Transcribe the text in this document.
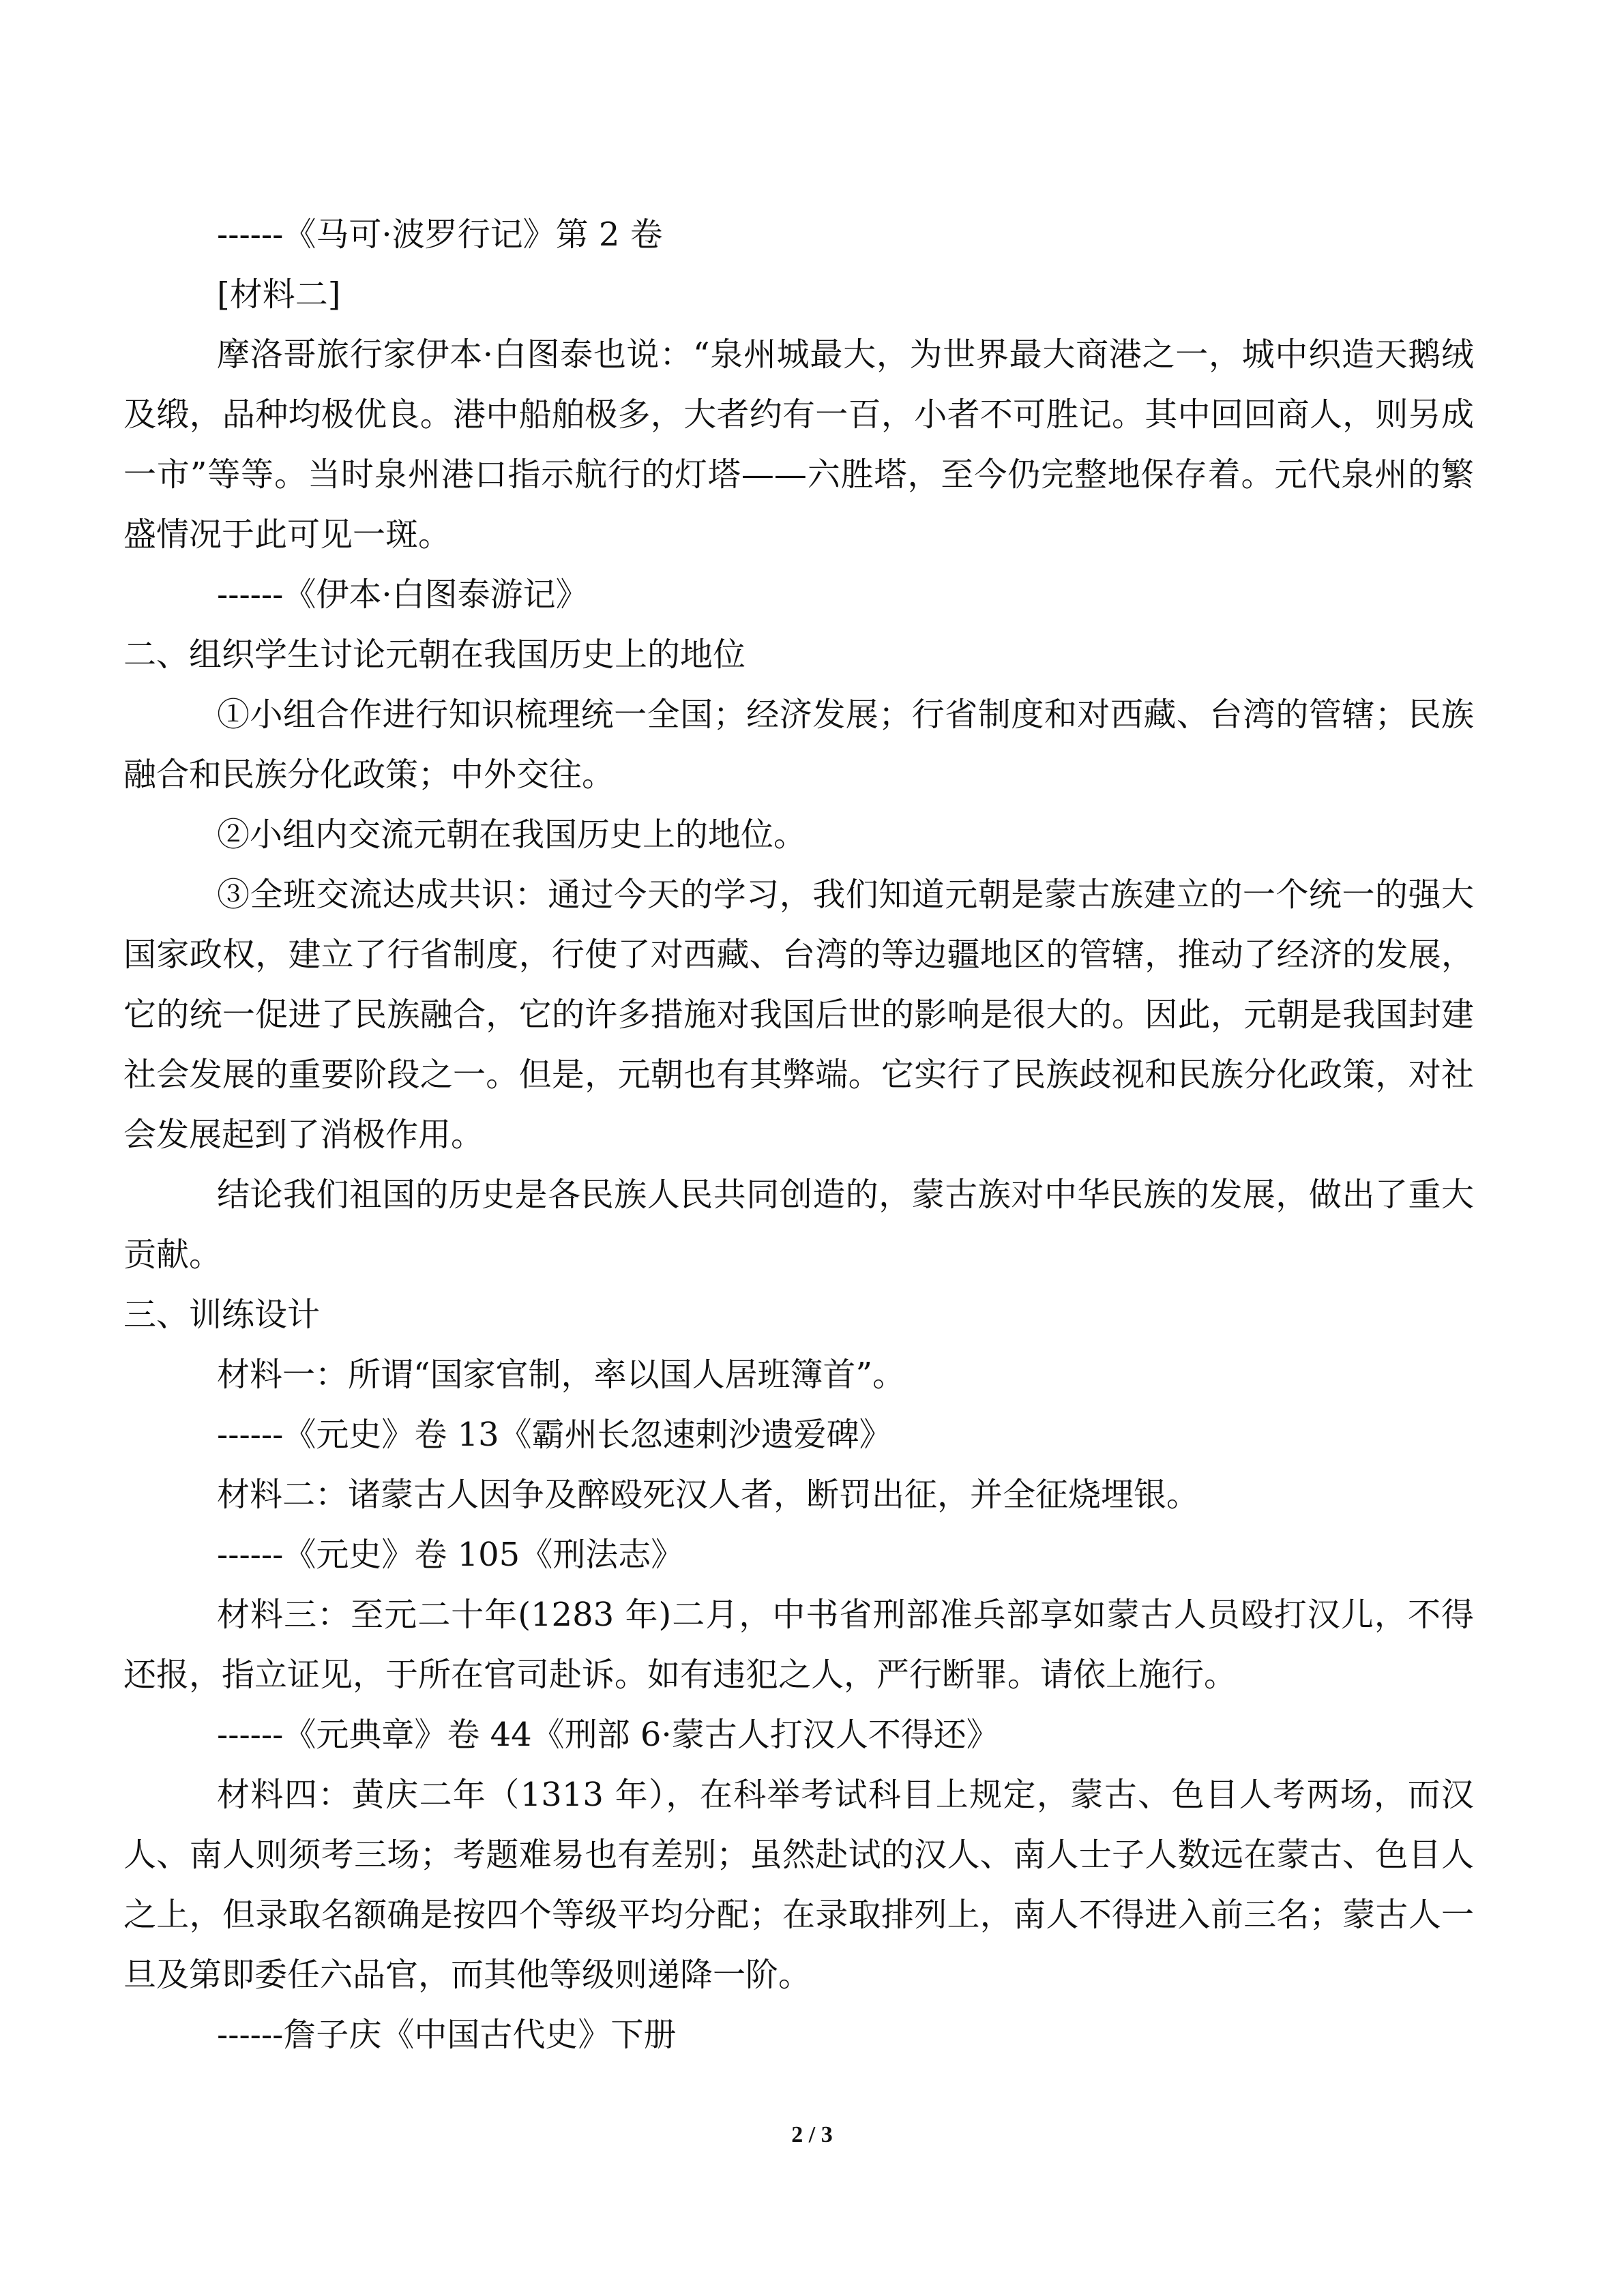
------《马可·波罗行记》第 2 卷

[材料二]

摩洛哥旅行家伊本·白图泰也说：“泉州城最大，为世界最大商港之一，城中织造天鹅绒及缎，品种均极优良。港中船舶极多，大者约有一百，小者不可胜记。其中回回商人，则另成一市”等等。当时泉州港口指示航行的灯塔——六胜塔，至今仍完整地保存着。元代泉州的繁盛情况于此可见一斑。

------《伊本·白图泰游记》

二、组织学生讨论元朝在我国历史上的地位

①小组合作进行知识梳理统一全国；经济发展；行省制度和对西藏、台湾的管辖；民族融合和民族分化政策；中外交往。

②小组内交流元朝在我国历史上的地位。

③全班交流达成共识：通过今天的学习，我们知道元朝是蒙古族建立的一个统一的强大国家政权，建立了行省制度，行使了对西藏、台湾的等边疆地区的管辖，推动了经济的发展，它的统一促进了民族融合，它的许多措施对我国后世的影响是很大的。因此，元朝是我国封建社会发展的重要阶段之一。但是，元朝也有其弊端。它实行了民族歧视和民族分化政策，对社会发展起到了消极作用。

结论我们祖国的历史是各民族人民共同创造的，蒙古族对中华民族的发展，做出了重大贡献。

三、训练设计

材料一：所谓“国家官制，率以国人居班簿首”。

------《元史》卷 13《霸州长忽速剌沙遗爱碑》

材料二：诸蒙古人因争及醉殴死汉人者，断罚出征，并全征烧埋银。

------《元史》卷 105《刑法志》

材料三：至元二十年(1283 年)二月，中书省刑部准兵部享如蒙古人员殴打汉儿，不得还报，指立证见，于所在官司赴诉。如有违犯之人，严行断罪。请依上施行。

------《元典章》卷 44《刑部 6·蒙古人打汉人不得还》

材料四：黄庆二年（1313 年），在科举考试科目上规定，蒙古、色目人考两场，而汉人、南人则须考三场；考题难易也有差别；虽然赴试的汉人、南人士子人数远在蒙古、色目人之上，但录取名额确是按四个等级平均分配；在录取排列上，南人不得进入前三名；蒙古人一旦及第即委任六品官，而其他等级则递降一阶。

------詹子庆《中国古代史》下册

2 / 3
